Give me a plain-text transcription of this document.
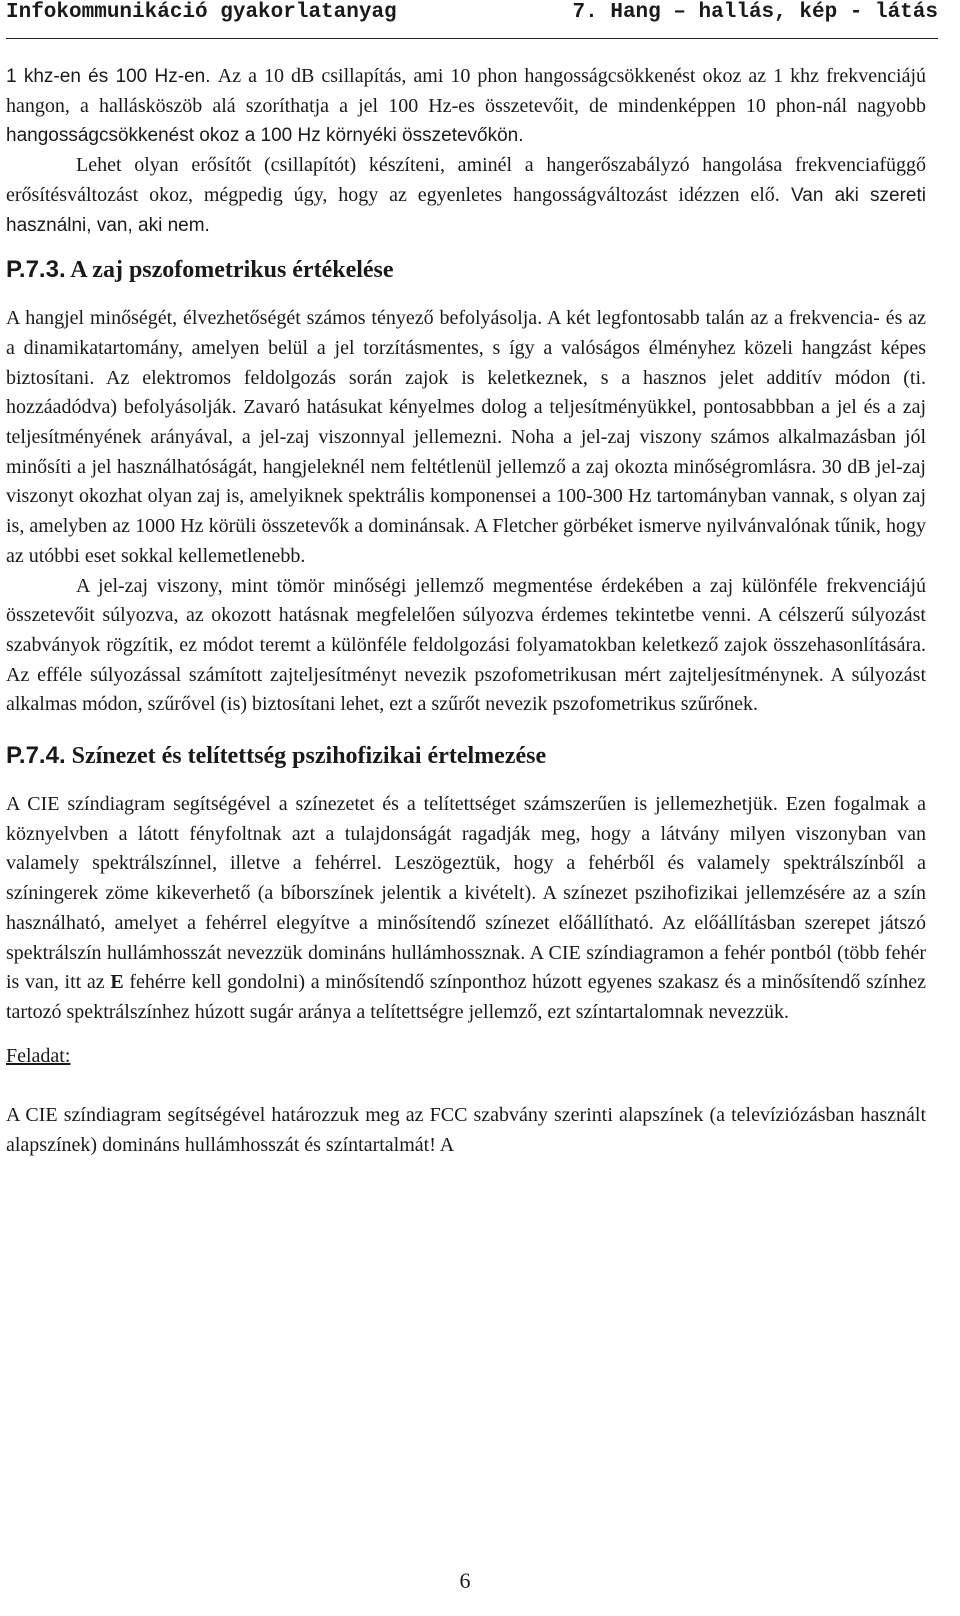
Infokommunikáció gyakorlatanyag	7. Hang – hallás, kép - látás

1 khz-en és 100 Hz-en. Az a 10 dB csillapítás, ami 10 phon hangosságcsökkenést okoz az 1 khz frekvenciájú hangon, a hallásköszöb alá szoríthatja a jel 100 Hz-es összetevőit, de mindenképpen 10 phon-nál nagyobb hangosságcsökkenést okoz a 100 Hz környéki összetevőkön.

Lehet olyan erősítőt (csillapítót) készíteni, aminél a hangerőszabályzó hangolása frekvenciafüggő erősítésváltozást okoz, mégpedig úgy, hogy az egyenletes hangosságváltozást idézzen elő. Van aki szereti használni, van, aki nem.

P.7.3. A zaj pszofometrikus értékelése

A hangjel minőségét, élvezhetőségét számos tényező befolyásolja. A két legfontosabb talán az a frekvencia- és az a dinamikatartomány, amelyen belül a jel torzításmentes, s így a valóságos élményhez közeli hangzást képes biztosítani. Az elektromos feldolgozás során zajok is keletkeznek, s a hasznos jelet additív módon (ti. hozzáadódva) befolyásolják. Zavaró hatásukat kényelmes dolog a teljesítményükkel, pontosabbban a jel és a zaj teljesítményének arányával, a jel-zaj viszonnyal jellemezni. Noha a jel-zaj viszony számos alkalmazásban jól minősíti a jel használhatóságát, hangjeleknél nem feltétlenül jellemző a zaj okozta minőségromlásra. 30 dB jel-zaj viszonyt okozhat olyan zaj is, amelyiknek spektrális komponensei a 100-300 Hz tartományban vannak, s olyan zaj is, amelyben az 1000 Hz körüli összetevők a dominánsak. A Fletcher görbéket ismerve nyilvánvalónak tűnik, hogy az utóbbi eset sokkal kellemetlenebb.

A jel-zaj viszony, mint tömör minőségi jellemző megmentése érdekében a zaj különféle frekvenciájú összetevőit súlyozva, az okozott hatásnak megfelelően súlyozva érdemes tekintetbe venni. A célszerű súlyozást szabványok rögzítik, ez módot teremt a különféle feldolgozási folyamatokban keletkező zajok összehasonlítására. Az efféle súlyozással számított zajteljesítményt nevezik pszofometrikusan mért zajteljesítménynek. A súlyozást alkalmas módon, szűrővel (is) biztosítani lehet, ezt a szűrőt nevezik pszofometrikus szűrőnek.

P.7.4. Színezet és telítettség pszihofizikai értelmezése

A CIE színdiagram segítségével a színezetet és a telítettséget számszerűen is jellemezhetjük. Ezen fogalmak a köznyelvben a látott fényfoltnak azt a tulajdonságát ragadják meg, hogy a látvány milyen viszonyban van valamely spektrálszínnel, illetve a fehérrel. Leszögeztük, hogy a fehérből és valamely spektrálszínből a színingerek zöme kikeverhető (a bíborszínek jelentik a kivételt). A színezet pszihofizikai jellemzésére az a szín használható, amelyet a fehérrel elegyítve a minősítendő színezet előállítható. Az előállításban szerepet játszó spektrálszín hullámhosszát nevezzük domináns hullámhossznak. A CIE színdiagramon a fehér pontból (több fehér is van, itt az E fehérre kell gondolni) a minősítendő színponthoz húzott egyenes szakasz és a minősítendő színhez tartozó spektrálszínhez húzott sugár aránya a telítettségre jellemző, ezt színtartalomnak nevezzük.

Feladat:

A CIE színdiagram segítségével határozzuk meg az FCC szabvány szerinti alapszínek (a televíziózásban használt alapszínek) domináns hullámhosszát és színtartalmát! A

6
